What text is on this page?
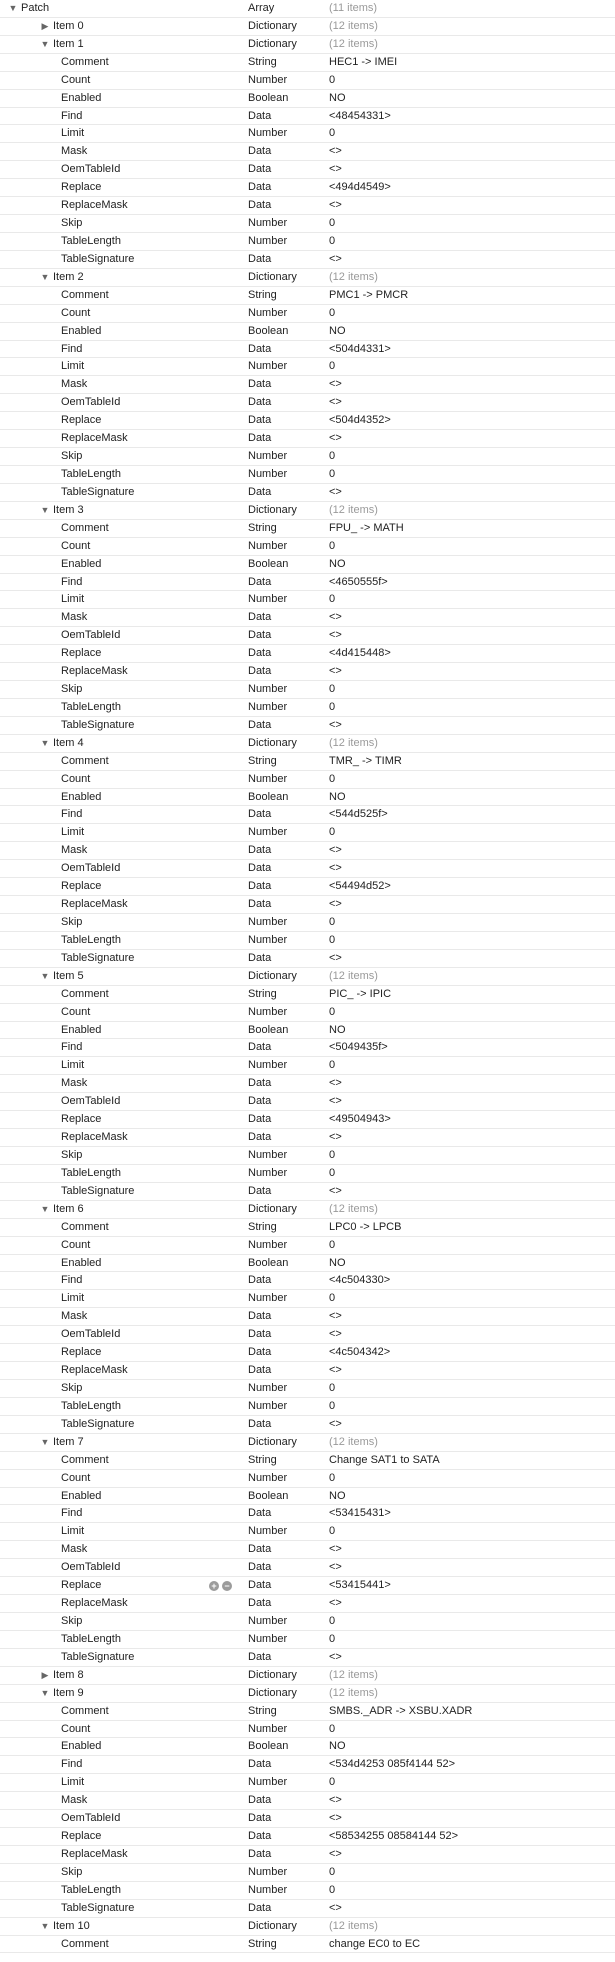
▼ Patch	Array	(11 items)
▶ Item 0	Dictionary	(12 items)
▼ Item 1	Dictionary	(12 items)
Comment	String	HEC1 -> IMEI
Count	Number	0
Enabled	Boolean	NO
Find	Data	<48454331>
Limit	Number	0
Mask	Data	<>
OemTableId	Data	<>
Replace	Data	<494d4549>
ReplaceMask	Data	<>
Skip	Number	0
TableLength	Number	0
TableSignature	Data	<>
▼ Item 2	Dictionary	(12 items)
Comment	String	PMC1 -> PMCR
Count	Number	0
Enabled	Boolean	NO
Find	Data	<504d4331>
Limit	Number	0
Mask	Data	<>
OemTableId	Data	<>
Replace	Data	<504d4352>
ReplaceMask	Data	<>
Skip	Number	0
TableLength	Number	0
TableSignature	Data	<>
▼ Item 3	Dictionary	(12 items)
Comment	String	FPU_ -> MATH
Count	Number	0
Enabled	Boolean	NO
Find	Data	<4650555f>
Limit	Number	0
Mask	Data	<>
OemTableId	Data	<>
Replace	Data	<4d415448>
ReplaceMask	Data	<>
Skip	Number	0
TableLength	Number	0
TableSignature	Data	<>
▼ Item 4	Dictionary	(12 items)
Comment	String	TMR_ -> TIMR
Count	Number	0
Enabled	Boolean	NO
Find	Data	<544d525f>
Limit	Number	0
Mask	Data	<>
OemTableId	Data	<>
Replace	Data	<54494d52>
ReplaceMask	Data	<>
Skip	Number	0
TableLength	Number	0
TableSignature	Data	<>
▼ Item 5	Dictionary	(12 items)
Comment	String	PIC_ -> IPIC
Count	Number	0
Enabled	Boolean	NO
Find	Data	<5049435f>
Limit	Number	0
Mask	Data	<>
OemTableId	Data	<>
Replace	Data	<49504943>
ReplaceMask	Data	<>
Skip	Number	0
TableLength	Number	0
TableSignature	Data	<>
▼ Item 6	Dictionary	(12 items)
Comment	String	LPC0 -> LPCB
Count	Number	0
Enabled	Boolean	NO
Find	Data	<4c504330>
Limit	Number	0
Mask	Data	<>
OemTableId	Data	<>
Replace	Data	<4c504342>
ReplaceMask	Data	<>
Skip	Number	0
TableLength	Number	0
TableSignature	Data	<>
▼ Item 7	Dictionary	(12 items)
Comment	String	Change SAT1 to SATA
Count	Number	0
Enabled	Boolean	NO
Find	Data	<53415431>
Limit	Number	0
Mask	Data	<>
OemTableId	Data	<>
Replace	Data	<53415441>
+ −
ReplaceMask	Data	<>
Skip	Number	0
TableLength	Number	0
TableSignature	Data	<>
▶ Item 8	Dictionary	(12 items)
▼ Item 9	Dictionary	(12 items)
Comment	String	SMBS._ADR -> XSBU.XADR
Count	Number	0
Enabled	Boolean	NO
Find	Data	<534d4253 085f4144 52>
Limit	Number	0
Mask	Data	<>
OemTableId	Data	<>
Replace	Data	<58534255 08584144 52>
ReplaceMask	Data	<>
Skip	Number	0
TableLength	Number	0
TableSignature	Data	<>
▼ Item 10	Dictionary	(12 items)
Comment	String	change EC0 to EC
